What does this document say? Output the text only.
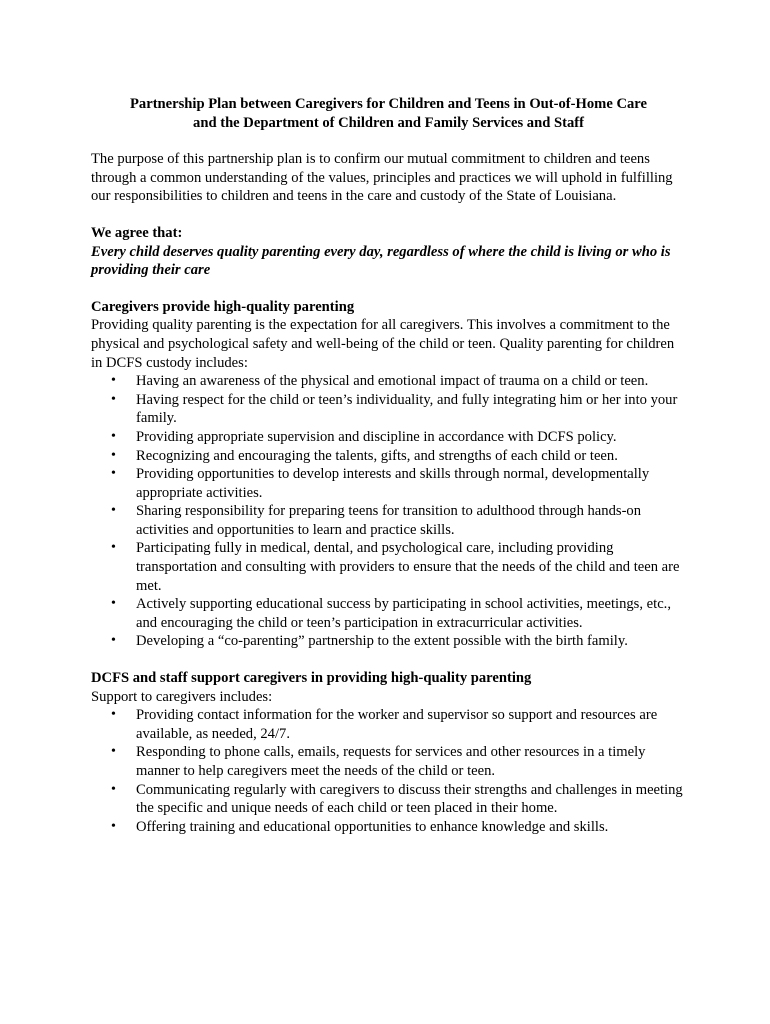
Partnership Plan between Caregivers for Children and Teens in Out-of-Home Care
and the Department of Children and Family Services and Staff

The purpose of this partnership plan is to confirm our mutual commitment to children and teens through a common understanding of the values, principles and practices we will uphold in fulfilling our responsibilities to children and teens in the care and custody of the State of Louisiana.

We agree that:
Every child deserves quality parenting every day, regardless of where the child is living or who is providing their care
Caregivers provide high-quality parenting

Providing quality parenting is the expectation for all caregivers. This involves a commitment to the physical and psychological safety and well-being of the child or teen. Quality parenting for children in DCFS custody includes:

• Having an awareness of the physical and emotional impact of trauma on a child or teen.
• Having respect for the child or teen’s individuality, and fully integrating him or her into your family.
• Providing appropriate supervision and discipline in accordance with DCFS policy.
• Recognizing and encouraging the talents, gifts, and strengths of each child or teen.
• Providing opportunities to develop interests and skills through normal, developmentally appropriate activities.
• Sharing responsibility for preparing teens for transition to adulthood through hands-on activities and opportunities to learn and practice skills.
• Participating fully in medical, dental, and psychological care, including providing transportation and consulting with providers to ensure that the needs of the child and teen are met.
• Actively supporting educational success by participating in school activities, meetings, etc., and encouraging the child or teen’s participation in extracurricular activities.
• Developing a “co-parenting” partnership to the extent possible with the birth family.
DCFS and staff support caregivers in providing high-quality parenting

Support to caregivers includes:

• Providing contact information for the worker and supervisor so support and resources are available, as needed, 24/7.
• Responding to phone calls, emails, requests for services and other resources in a timely manner to help caregivers meet the needs of the child or teen.
• Communicating regularly with caregivers to discuss their strengths and challenges in meeting the specific and unique needs of each child or teen placed in their home.
• Offering training and educational opportunities to enhance knowledge and skills.
